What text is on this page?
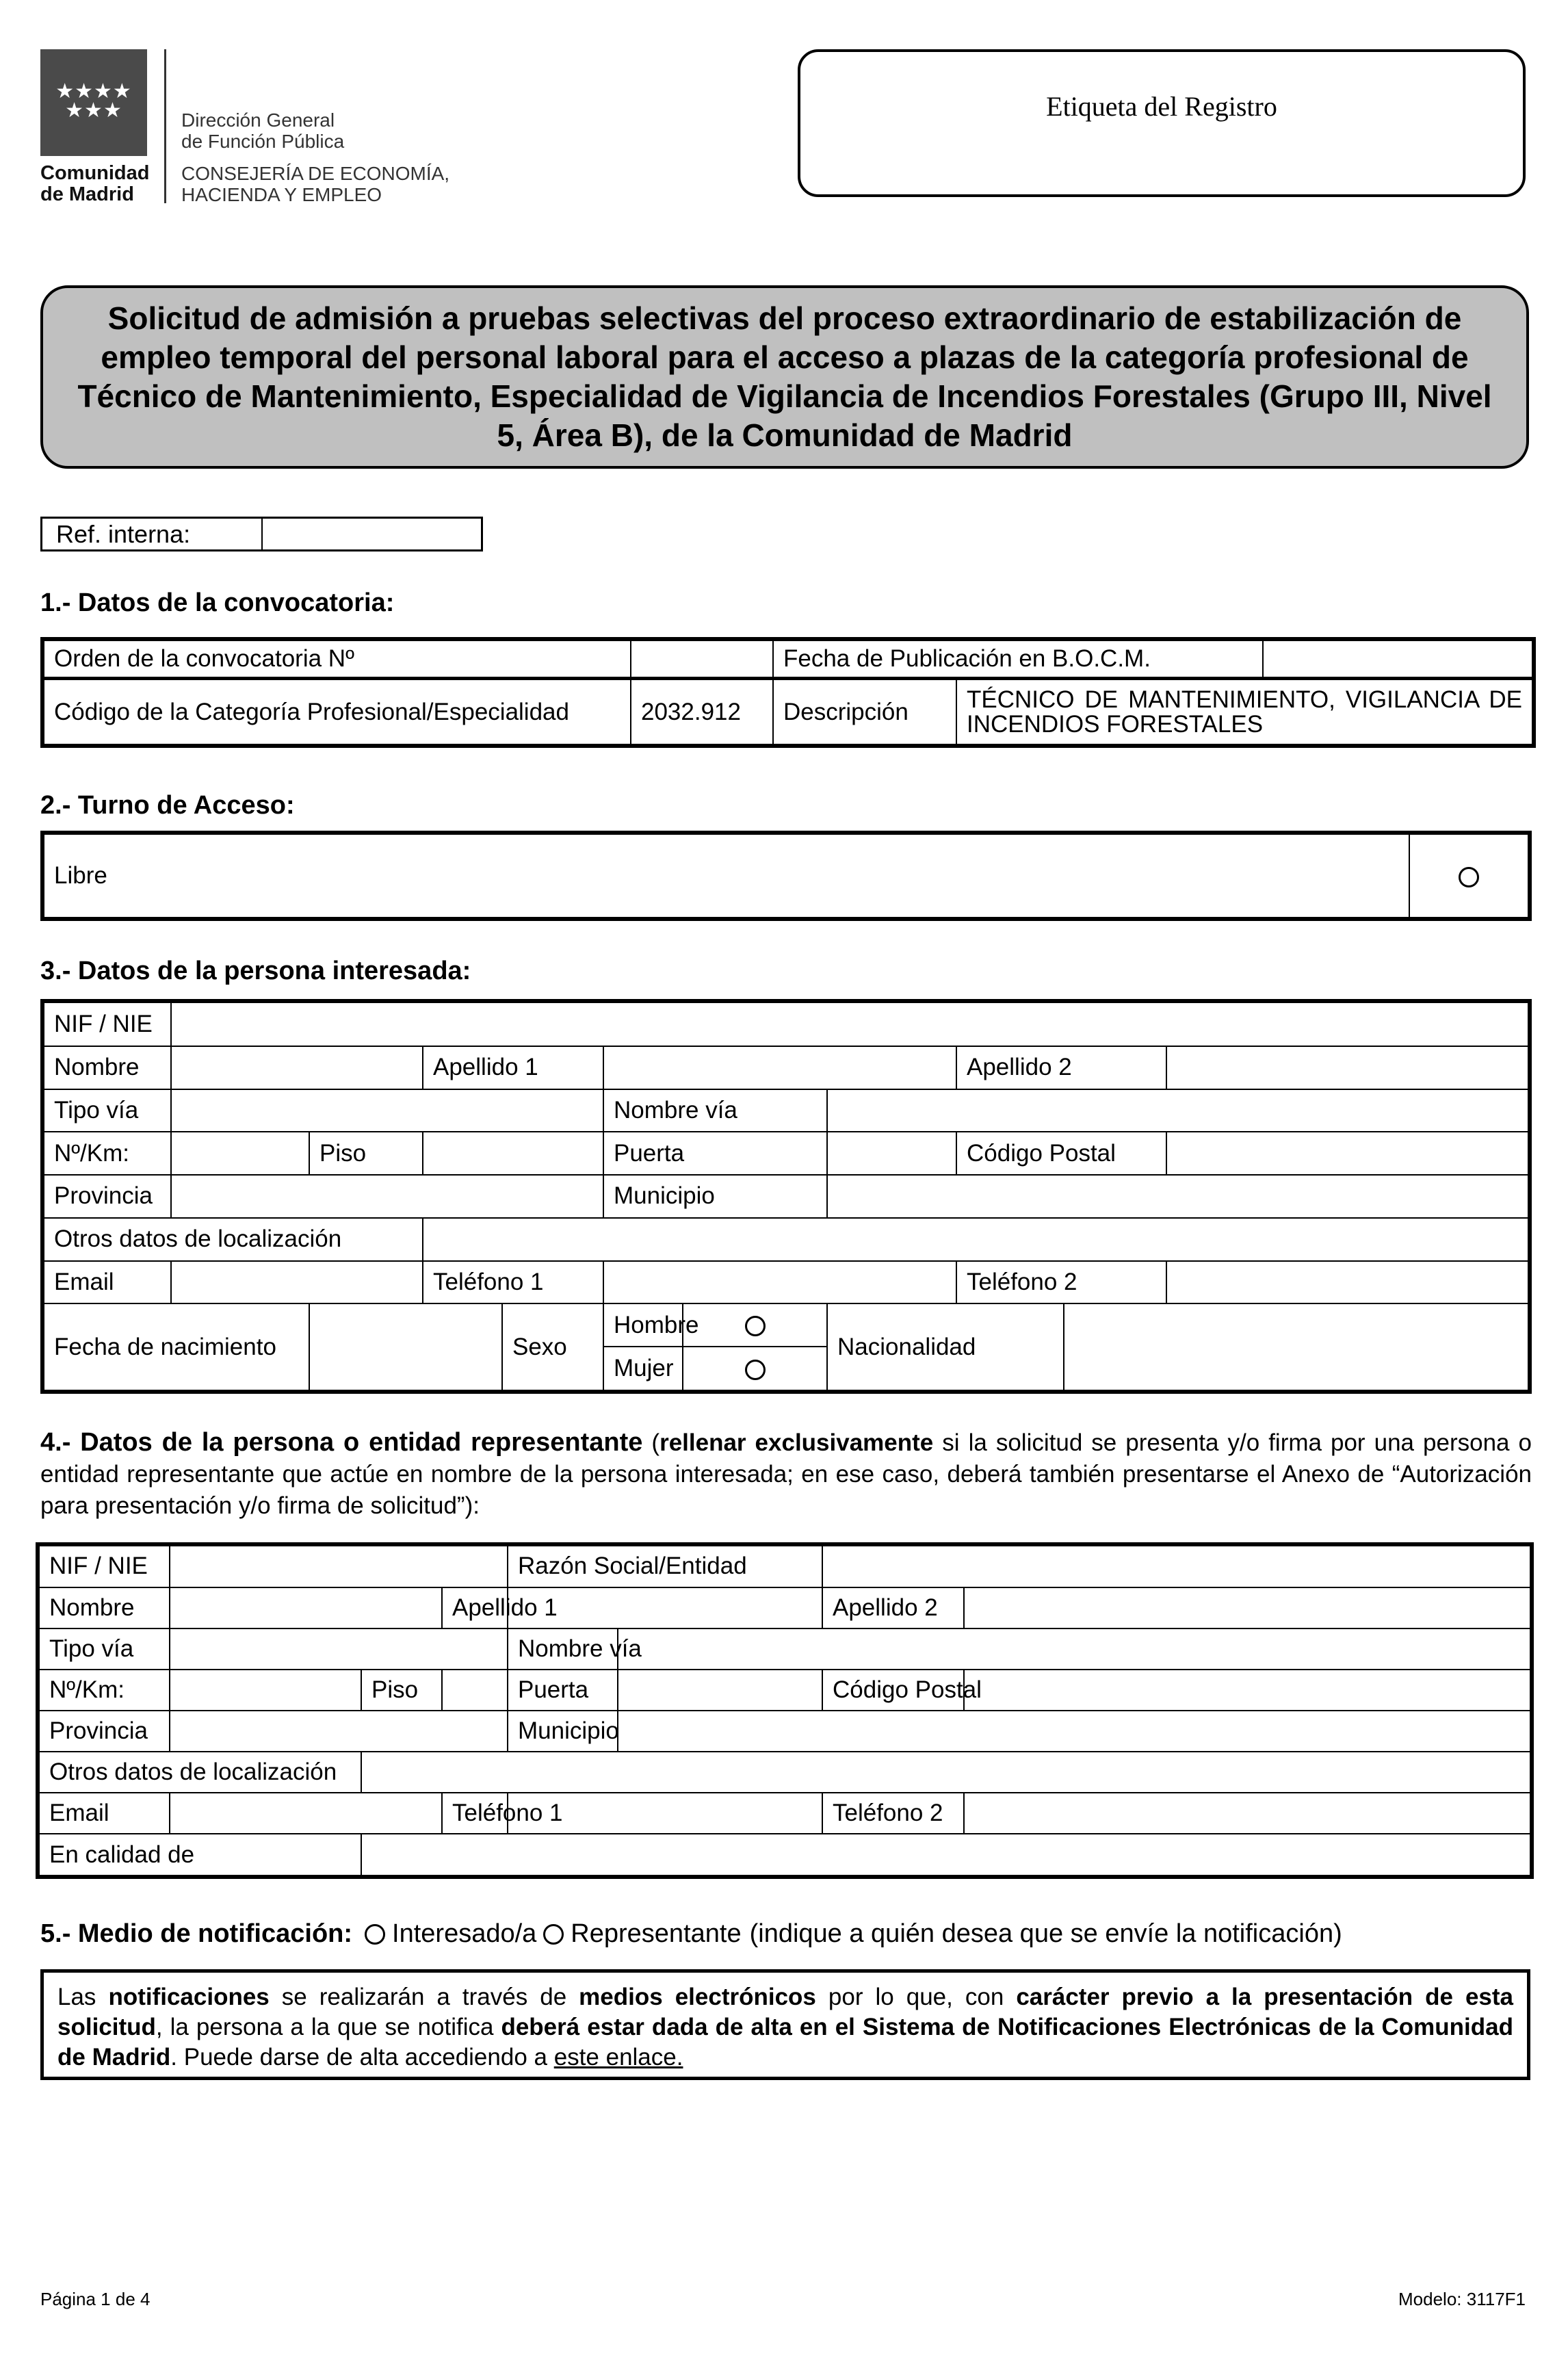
★★★★
★★★
Comunidad
de Madrid
Dirección General
de Función Pública
CONSEJERÍA DE ECONOMÍA,
HACIENDA Y EMPLEO
Etiqueta del Registro
Solicitud de admisión a pruebas selectivas del proceso extraordinario de estabilización de empleo temporal del personal laboral para el acceso a plazas de la categoría profesional de Técnico de Mantenimiento, Especialidad de Vigilancia de Incendios Forestales (Grupo III, Nivel 5, Área B), de la Comunidad de Madrid
Ref. interna:
1.- Datos de la convocatoria:
Orden de la convocatoria Nº		Fecha de Publicación en B.O.C.M.		
Código de la Categoría Profesional/Especialidad	2032.912	Descripción	TÉCNICO DE MANTENIMIENTO, VIGILANCIA DE INCENDIOS FORESTALES	
2.- Turno de Acceso:
Libre	
3.- Datos de la persona interesada:
NIF / NIE										
Nombre			Apellido 1					Apellido 2		
Tipo vía					Nombre vía					
Nº/Km:		Piso			Puerta			Código Postal		
Provincia					Municipio					
Otros datos de localización										
Email			Teléfono 1					Teléfono 2		
Fecha de nacimiento				Sexo	Hombre		Nacionalidad			
					Mujer					
4.- Datos de la persona o entidad representante (rellenar exclusivamente si la solicitud se presenta y/o firma por una persona o entidad representante que actúe en nombre de la persona interesada; en ese caso, deberá también presentarse el Anexo de “Autorización para presentación y/o firma de solicitud”):
NIF / NIE				Razón Social/Entidad			
Nombre			Apellido 1			Apellido 2	
Tipo vía				Nombre vía			
Nº/Km:		Piso		Puerta		Código Postal	
Provincia				Municipio			
Otros datos de localización							
Email			Teléfono 1			Teléfono 2	
En calidad de							
5.- Medio de notificación: Interesado/a Representante (indique a quién desea que se envíe la notificación)
Las notificaciones se realizarán a través de medios electrónicos por lo que, con carácter previo a la presentación de esta solicitud, la persona a la que se notifica deberá estar dada de alta en el Sistema de Notificaciones Electrónicas de la Comunidad de Madrid. Puede darse de alta accediendo a este enlace.
Página 1 de 4	Modelo: 3117F1
